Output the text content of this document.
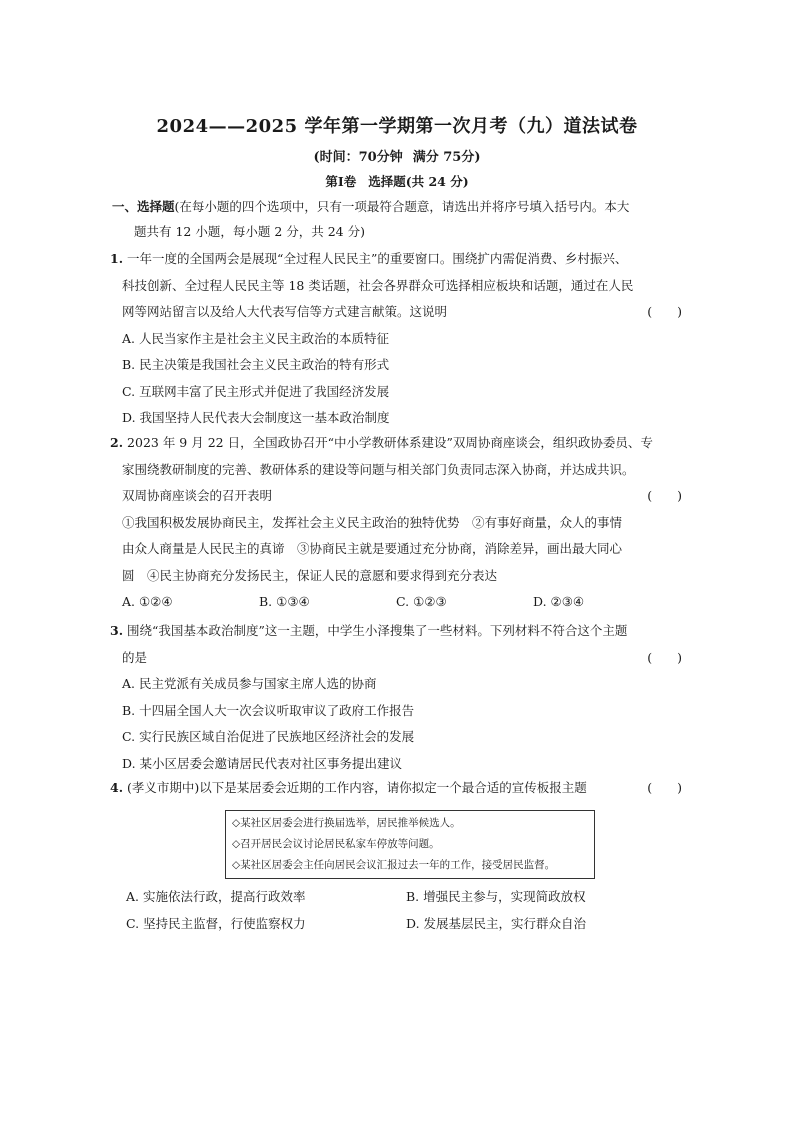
2024——2025 学年第一学期第一次月考（九）道法试卷
(时间：70分钟 满分 75分)
第Ⅰ卷 选择题(共 24 分)
一、选择题(在每小题的四个选项中，只有一项最符合题意，请选出并将序号填入括号内。本大
题共有 12 小题，每小题 2 分，共 24 分)
1. 一年一度的全国两会是展现“全过程人民民主”的重要窗口。围绕扩内需促消费、乡村振兴、
科技创新、全过程人民民主等 18 类话题，社会各界群众可选择相应板块和话题，通过在人民
网等网站留言以及给人大代表写信等方式建言献策。这说明	(　　)
A. 人民当家作主是社会主义民主政治的本质特征
B. 民主决策是我国社会主义民主政治的特有形式
C. 互联网丰富了民主形式并促进了我国经济发展
D. 我国坚持人民代表大会制度这一基本政治制度
2. 2023 年 9 月 22 日，全国政协召开“中小学教研体系建设”双周协商座谈会，组织政协委员、专
家围绕教研制度的完善、教研体系的建设等问题与相关部门负责同志深入协商，并达成共识。
双周协商座谈会的召开表明	(　　)
①我国积极发展协商民主，发挥社会主义民主政治的独特优势　②有事好商量，众人的事情
由众人商量是人民民主的真谛　③协商民主就是要通过充分协商，消除差异，画出最大同心
圆　④民主协商充分发扬民主，保证人民的意愿和要求得到充分表达
A. ①②④	B. ①③④	C. ①②③	D. ②③④
3. 围绕“我国基本政治制度”这一主题，中学生小泽搜集了一些材料。下列材料不符合这个主题
的是	(　　)
A. 民主党派有关成员参与国家主席人选的协商
B. 十四届全国人大一次会议听取审议了政府工作报告
C. 实行民族区域自治促进了民族地区经济社会的发展
D. 某小区居委会邀请居民代表对社区事务提出建议
4. (孝义市期中)以下是某居委会近期的工作内容，请你拟定一个最合适的宣传板报主题	(　　)
◇某社区居委会进行换届选举，居民推举候选人。
◇召开居民会议讨论居民私家车停放等问题。
◇某社区居委会主任向居民会议汇报过去一年的工作，接受居民监督。
A. 实施依法行政，提高行政效率	B. 增强民主参与，实现简政放权
C. 坚持民主监督，行使监察权力	D. 发展基层民主，实行群众自治
